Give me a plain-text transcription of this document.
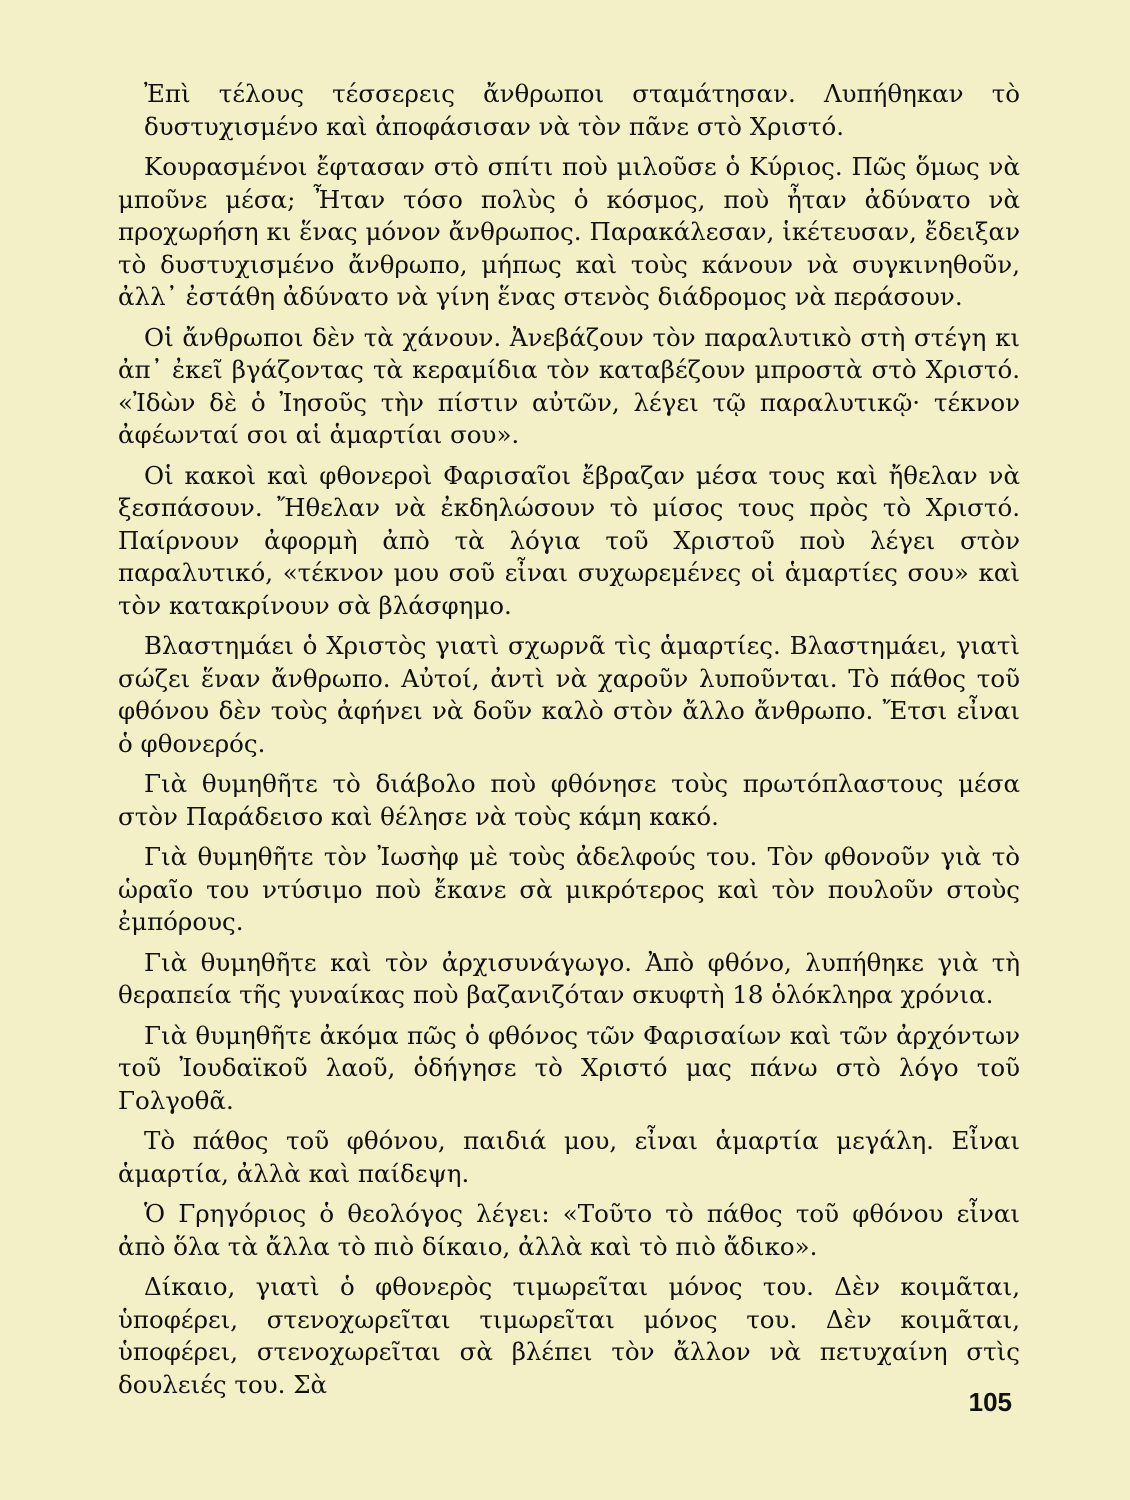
Ἐπὶ τέλους τέσσερεις ἄνθρωποι σταμάτησαν. Λυπήθηκαν τὸ δυστυχισμένο καὶ ἀποφάσισαν νὰ τὸν πᾶνε στὸ Χριστό.

Κουρασμένοι ἔφτασαν στὸ σπίτι ποὺ μιλοῦσε ὁ Κύριος. Πῶς ὅμως νὰ μποῦνε μέσα; Ἦταν τόσο πολὺς ὁ κόσμος, ποὺ ἦταν ἀδύνατο νὰ προχωρήση κι ἕνας μόνον ἄνθρωπος. Παρακάλεσαν, ἱκέτευσαν, ἔδειξαν τὸ δυστυχισμένο ἄνθρωπο, μήπως καὶ τοὺς κάνουν νὰ συγκινηθοῦν, ἀλλ᾽ ἐστάθη ἀδύνατο νὰ γίνη ἕνας στενὸς διάδρομος νὰ περάσουν.

Οἱ ἄνθρωποι δὲν τὰ χάνουν. Ἀνεβάζουν τὸν παραλυτικὸ στὴ στέγη κι ἀπ᾽ ἐκεῖ βγάζοντας τὰ κεραμίδια τὸν καταβέζουν μπροστὰ στὸ Χριστό. «Ἰδὼν δὲ ὁ Ἰησοῦς τὴν πίστιν αὐτῶν, λέγει τῷ παραλυτικῷ· τέκνον ἀφέωνταί σοι αἱ ἁμαρτίαι σου».

Οἱ κακοὶ καὶ φθονεροὶ Φαρισαῖοι ἔβραζαν μέσα τους καὶ ἤθελαν νὰ ξεσπάσουν. Ἤθελαν νὰ ἐκδηλώσουν τὸ μίσος τους πρὸς τὸ Χριστό. Παίρνουν ἀφορμὴ ἀπὸ τὰ λόγια τοῦ Χριστοῦ ποὺ λέγει στὸν παραλυτικό, «τέκνον μου σοῦ εἶναι συχωρεμένες οἱ ἁμαρτίες σου» καὶ τὸν κατακρίνουν σὰ βλάσφημο.

Βλαστημάει ὁ Χριστὸς γιατὶ σχωρνᾶ τὶς ἁμαρτίες. Βλαστημάει, γιατὶ σώζει ἕναν ἄνθρωπο. Αὐτοί, ἀντὶ νὰ χαροῦν λυποῦνται. Τὸ πάθος τοῦ φθόνου δὲν τοὺς ἀφήνει νὰ δοῦν καλὸ στὸν ἄλλο ἄνθρωπο. Ἔτσι εἶναι ὁ φθονερός.

Γιὰ θυμηθῆτε τὸ διάβολο ποὺ φθόνησε τοὺς πρωτόπλαστους μέσα στὸν Παράδεισο καὶ θέλησε νὰ τοὺς κάμη κακό.

Γιὰ θυμηθῆτε τὸν Ἰωσὴφ μὲ τοὺς ἀδελφούς του. Τὸν φθονοῦν γιὰ τὸ ὡραῖο του ντύσιμο ποὺ ἔκανε σὰ μικρότερος καὶ τὸν πουλοῦν στοὺς ἐμπόρους.

Γιὰ θυμηθῆτε καὶ τὸν ἀρχισυνάγωγο. Ἀπὸ φθόνο, λυπήθηκε γιὰ τὴ θεραπεία τῆς γυναίκας ποὺ βαζανιζόταν σκυφτὴ 18 ὁλόκληρα χρόνια.

Γιὰ θυμηθῆτε ἀκόμα πῶς ὁ φθόνος τῶν Φαρισαίων καὶ τῶν ἀρχόντων τοῦ Ἰουδαϊκοῦ λαοῦ, ὁδήγησε τὸ Χριστό μας πάνω στὸ λόγο τοῦ Γολγοθᾶ.

Τὸ πάθος τοῦ φθόνου, παιδιά μου, εἶναι ἁμαρτία μεγάλη. Εἶναι ἁμαρτία, ἀλλὰ καὶ παίδεψη.

Ὁ Γρηγόριος ὁ θεολόγος λέγει: «Τοῦτο τὸ πάθος τοῦ φθόνου εἶναι ἀπὸ ὅλα τὰ ἄλλα τὸ πιὸ δίκαιο, ἀλλὰ καὶ τὸ πιὸ ἄδικο».

Δίκαιο, γιατὶ ὁ φθονερὸς τιμωρεῖται μόνος του. Δὲν κοιμᾶται, ὑποφέρει, στενοχωρεῖται τιμωρεῖται μόνος του. Δὲν κοιμᾶται, ὑποφέρει, στενοχωρεῖται σὰ βλέπει τὸν ἄλλον νὰ πετυχαίνη στὶς δουλειές του. Σὰ

105
